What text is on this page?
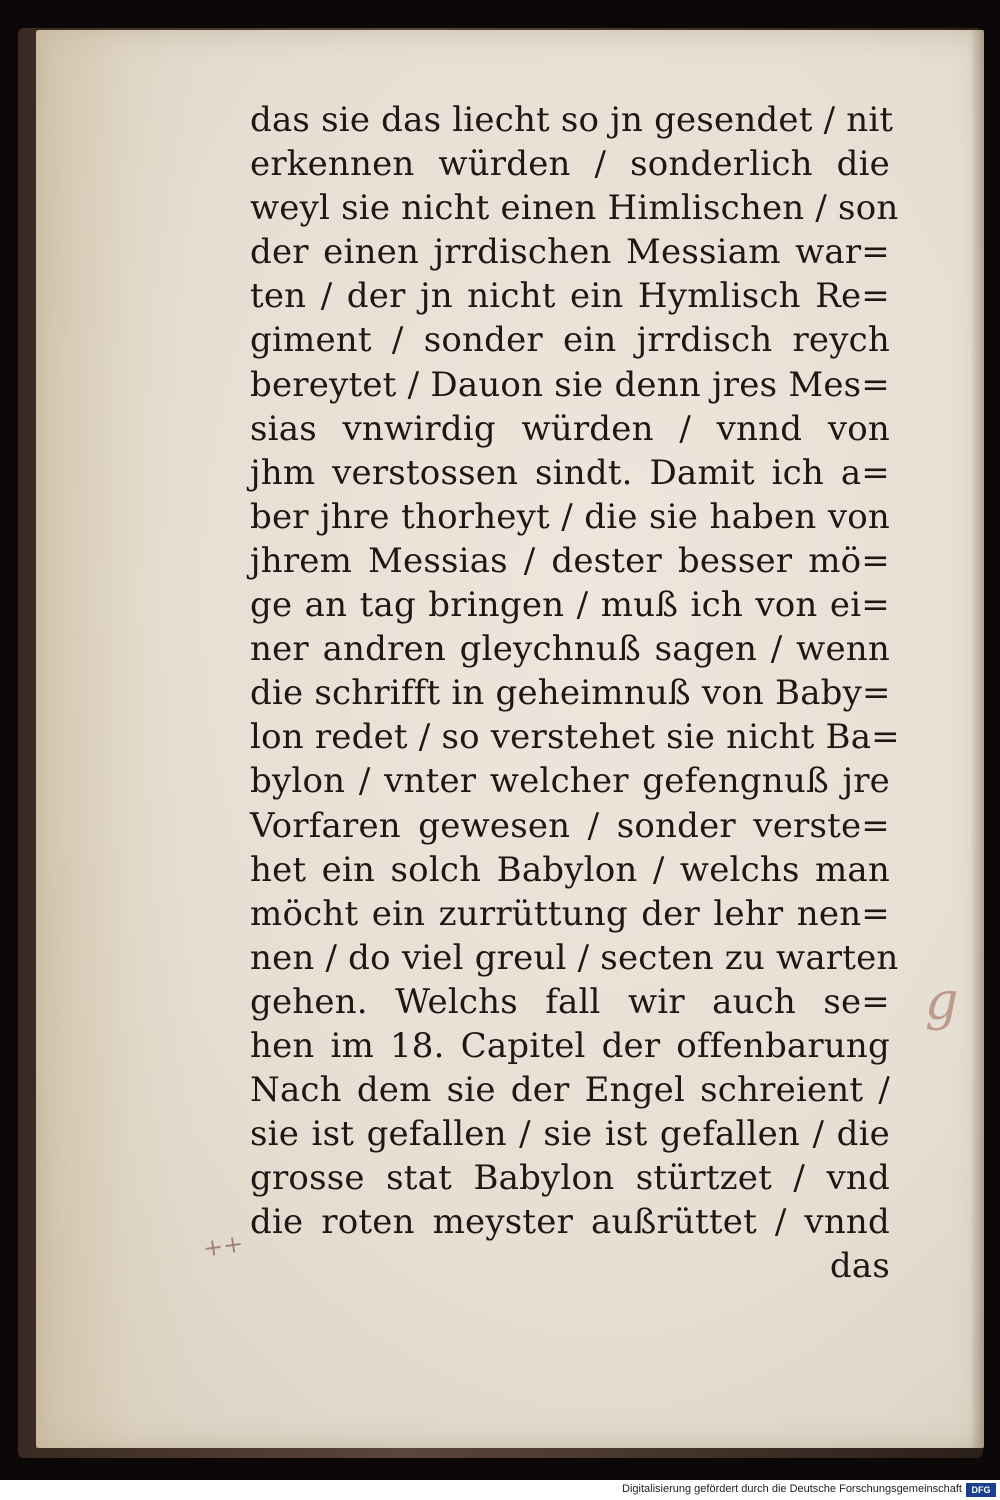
das sie das liecht so jn gesendet / nit
erkennen würden / sonderlich die
weyl sie nicht einen Himlischen / son
der einen jrrdischen Messiam war=
ten / der jn nicht ein Hymlisch Re=
giment / sonder ein jrrdisch reych
bereytet / Dauon sie denn jres Mes=
sias vnwirdig würden / vnnd von
jhm verstossen sindt. Damit ich a=
ber jhre thorheyt / die sie haben von
jhrem Messias / dester besser mö=
ge an tag bringen / muß ich von ei=
ner andren gleychnuß sagen / wenn
die schrifft in geheimnuß von Baby=
lon redet / so verstehet sie nicht Ba=
bylon / vnter welcher gefengnuß jre
Vorfaren gewesen / sonder verste=
het ein solch Babylon / welchs man
möcht ein zurrüttung der lehr nen=
nen / do viel greul / secten zu warten
gehen. Welchs fall wir auch se=
hen im 18. Capitel der offenbarung
Nach dem sie der Engel schreient /
sie ist gefallen / sie ist gefallen / die
grosse stat Babylon stürtzet / vnd
die roten meyster außrüttet / vnnd
das
g
++
Digitalisierung gefördert durch die Deutsche Forschungsgemeinschaft	DFG
